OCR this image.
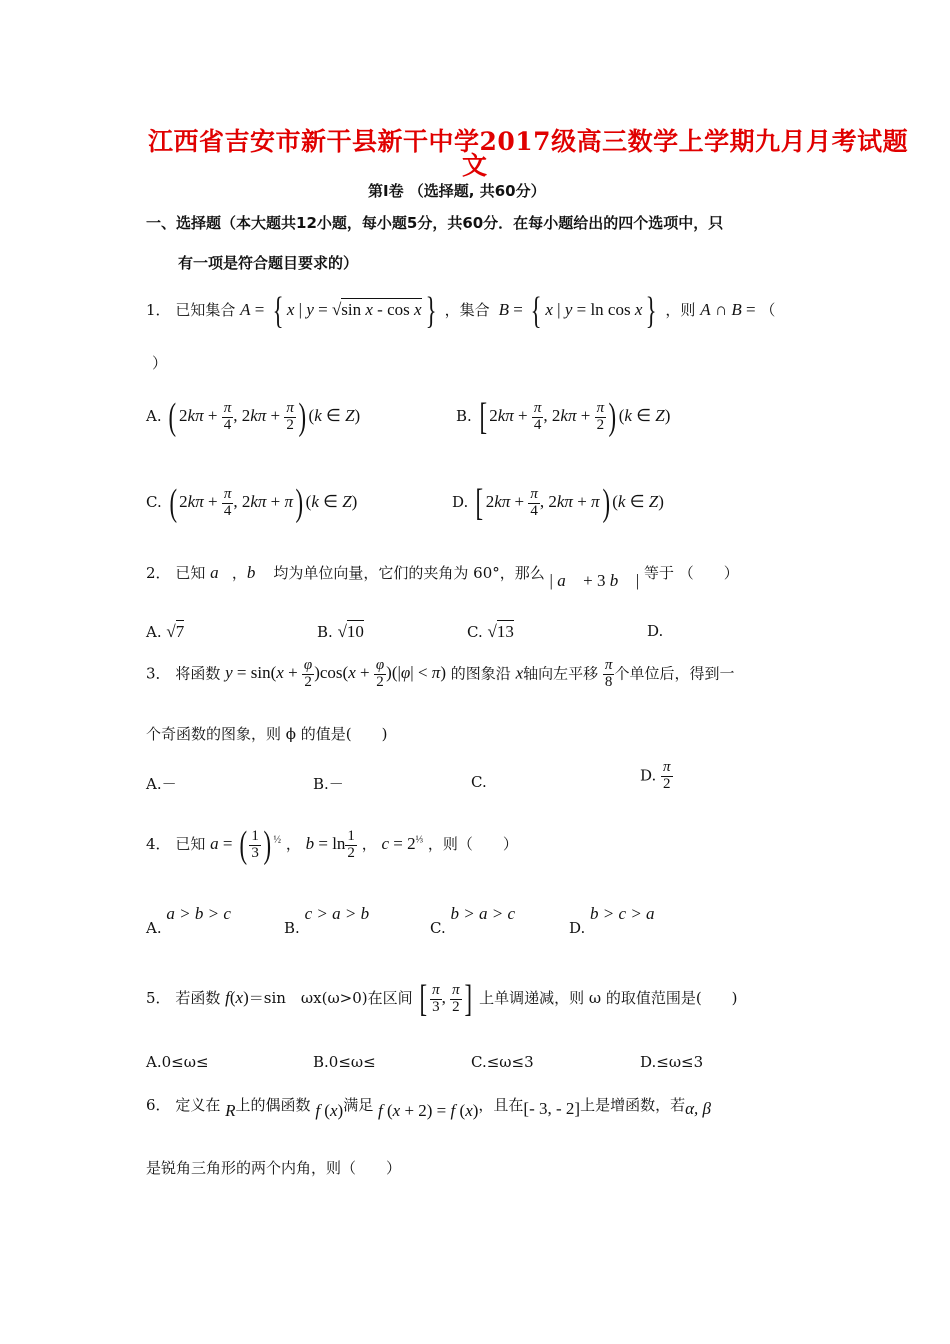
江西省吉安市新干县新干中学2017级高三数学上学期九月月考试题
文
第Ⅰ卷 （选择题, 共60分）
一、选择题（本大题共12小题，每小题5分，共60分．在每小题给出的四个选项中，只
有一项是符合题目要求的）
1． 已知集合 A = { x | y = √sin x - cos x} ，集合 B = { x | y = ln cos x} ，则 A ∩ B = （
）
A. ( $2k\pi + \frac{\pi}{4}$ , $2k\pi + \frac{\pi}{2}$ ) (k ∈ Z)	B. [ $2k\pi + \frac{\pi}{4}$ , $2k\pi + \frac{\pi}{2}$ ) (k ∈ Z)
C. ( $2k\pi + \frac{\pi}{4}$ , 2kπ + π) (k ∈ Z)	D. [ $2k\pi + \frac{\pi}{4}$ , 2kπ + π) (k ∈ Z)
2． 已知 a⃗，b⃗ 均为单位向量，它们的夹角为 60°，那么 | a⃗ + 3 b⃗ | 等于 （　　）
A. √7	B. √10	C. √13	D.
3． 将函数 $y = \sin(x + \frac{\varphi}{2} )\cos(x + \frac{\varphi}{2} )(|\varphi| < \pi)$ 的图象沿 x轴向左平移 $\frac{\pi}{8}$ 个单位后，得到一
个奇函数的图象，则 ϕ 的值是(　　)
A.－	B.－	C.	D. $\frac{\pi}{2}$
4． 已知 a = ( $\frac{1}{3}$ ) $^{\frac{1}{2}}$ ， $b = \ln \frac{1}{2}$ ， $c = 2^{\frac{1}{3}}$ ，则（　　）
A. a > b > c
B. c > a > b
C. b > a > c
D. b > c > a
5． 若函数 f(x)＝sin　ωx(ω>0)在区间 [ $\frac{\pi}{3}$ , $\frac{\pi}{2}$ ] 上单调递减，则 ω 的取值范围是(　　)
A.0≤ω≤	B.0≤ω≤	C.≤ω≤3	D.≤ω≤3
6． 定义在 R上的偶函数 f (x)满足 f (x + 2) = f (x)，且在[- 3, - 2]上是增函数，若α, β
是锐角三角形的两个内角，则（　　）
